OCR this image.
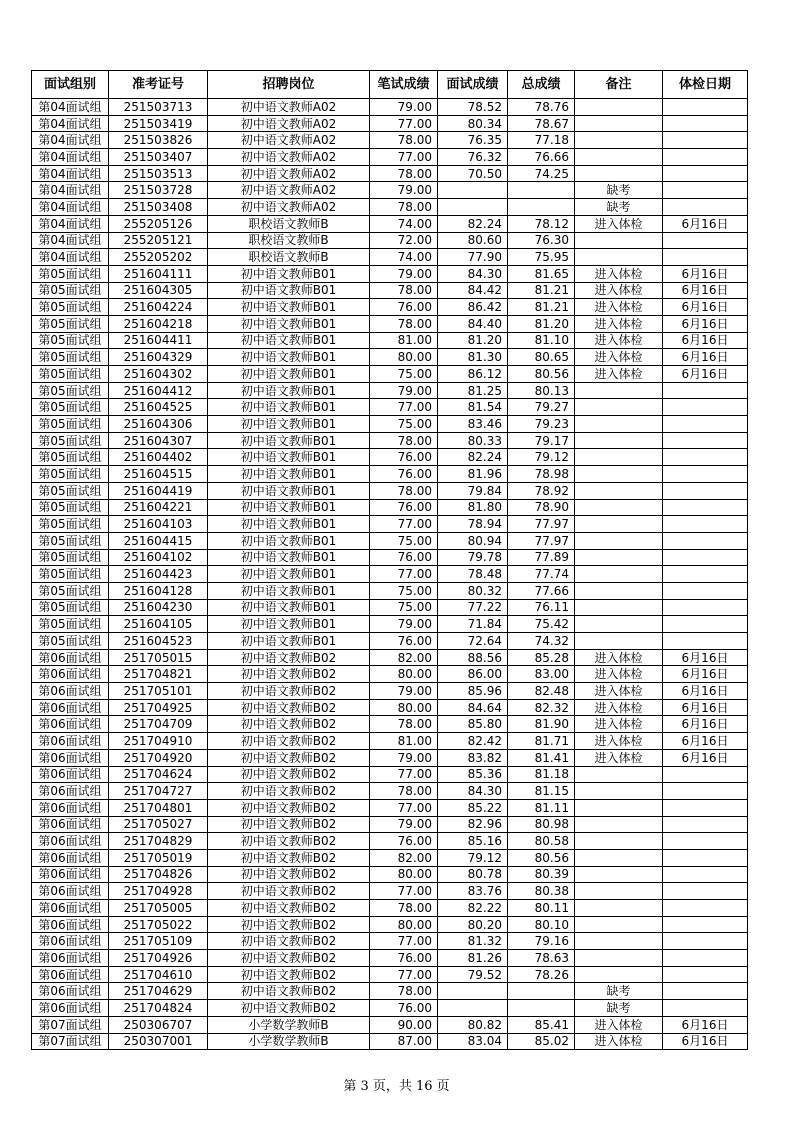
面试组别	准考证号	招聘岗位	笔试成绩	面试成绩	总成绩	备注	体检日期
第04面试组	251503713	初中语文教师A02	79.00	78.52	78.76		
第04面试组	251503419	初中语文教师A02	77.00	80.34	78.67		
第04面试组	251503826	初中语文教师A02	78.00	76.35	77.18		
第04面试组	251503407	初中语文教师A02	77.00	76.32	76.66		
第04面试组	251503513	初中语文教师A02	78.00	70.50	74.25		
第04面试组	251503728	初中语文教师A02	79.00			缺考	
第04面试组	251503408	初中语文教师A02	78.00			缺考	
第04面试组	255205126	职校语文教师B	74.00	82.24	78.12	进入体检	6月16日
第04面试组	255205121	职校语文教师B	72.00	80.60	76.30		
第04面试组	255205202	职校语文教师B	74.00	77.90	75.95		
第05面试组	251604111	初中语文教师B01	79.00	84.30	81.65	进入体检	6月16日
第05面试组	251604305	初中语文教师B01	78.00	84.42	81.21	进入体检	6月16日
第05面试组	251604224	初中语文教师B01	76.00	86.42	81.21	进入体检	6月16日
第05面试组	251604218	初中语文教师B01	78.00	84.40	81.20	进入体检	6月16日
第05面试组	251604411	初中语文教师B01	81.00	81.20	81.10	进入体检	6月16日
第05面试组	251604329	初中语文教师B01	80.00	81.30	80.65	进入体检	6月16日
第05面试组	251604302	初中语文教师B01	75.00	86.12	80.56	进入体检	6月16日
第05面试组	251604412	初中语文教师B01	79.00	81.25	80.13		
第05面试组	251604525	初中语文教师B01	77.00	81.54	79.27		
第05面试组	251604306	初中语文教师B01	75.00	83.46	79.23		
第05面试组	251604307	初中语文教师B01	78.00	80.33	79.17		
第05面试组	251604402	初中语文教师B01	76.00	82.24	79.12		
第05面试组	251604515	初中语文教师B01	76.00	81.96	78.98		
第05面试组	251604419	初中语文教师B01	78.00	79.84	78.92		
第05面试组	251604221	初中语文教师B01	76.00	81.80	78.90		
第05面试组	251604103	初中语文教师B01	77.00	78.94	77.97		
第05面试组	251604415	初中语文教师B01	75.00	80.94	77.97		
第05面试组	251604102	初中语文教师B01	76.00	79.78	77.89		
第05面试组	251604423	初中语文教师B01	77.00	78.48	77.74		
第05面试组	251604128	初中语文教师B01	75.00	80.32	77.66		
第05面试组	251604230	初中语文教师B01	75.00	77.22	76.11		
第05面试组	251604105	初中语文教师B01	79.00	71.84	75.42		
第05面试组	251604523	初中语文教师B01	76.00	72.64	74.32		
第06面试组	251705015	初中语文教师B02	82.00	88.56	85.28	进入体检	6月16日
第06面试组	251704821	初中语文教师B02	80.00	86.00	83.00	进入体检	6月16日
第06面试组	251705101	初中语文教师B02	79.00	85.96	82.48	进入体检	6月16日
第06面试组	251704925	初中语文教师B02	80.00	84.64	82.32	进入体检	6月16日
第06面试组	251704709	初中语文教师B02	78.00	85.80	81.90	进入体检	6月16日
第06面试组	251704910	初中语文教师B02	81.00	82.42	81.71	进入体检	6月16日
第06面试组	251704920	初中语文教师B02	79.00	83.82	81.41	进入体检	6月16日
第06面试组	251704624	初中语文教师B02	77.00	85.36	81.18		
第06面试组	251704727	初中语文教师B02	78.00	84.30	81.15		
第06面试组	251704801	初中语文教师B02	77.00	85.22	81.11		
第06面试组	251705027	初中语文教师B02	79.00	82.96	80.98		
第06面试组	251704829	初中语文教师B02	76.00	85.16	80.58		
第06面试组	251705019	初中语文教师B02	82.00	79.12	80.56		
第06面试组	251704826	初中语文教师B02	80.00	80.78	80.39		
第06面试组	251704928	初中语文教师B02	77.00	83.76	80.38		
第06面试组	251705005	初中语文教师B02	78.00	82.22	80.11		
第06面试组	251705022	初中语文教师B02	80.00	80.20	80.10		
第06面试组	251705109	初中语文教师B02	77.00	81.32	79.16		
第06面试组	251704926	初中语文教师B02	76.00	81.26	78.63		
第06面试组	251704610	初中语文教师B02	77.00	79.52	78.26		
第06面试组	251704629	初中语文教师B02	78.00			缺考	
第06面试组	251704824	初中语文教师B02	76.00			缺考	
第07面试组	250306707	小学数学教师B	90.00	80.82	85.41	进入体检	6月16日
第07面试组	250307001	小学数学教师B	87.00	83.04	85.02	进入体检	6月16日
第 3 页，共 16 页
